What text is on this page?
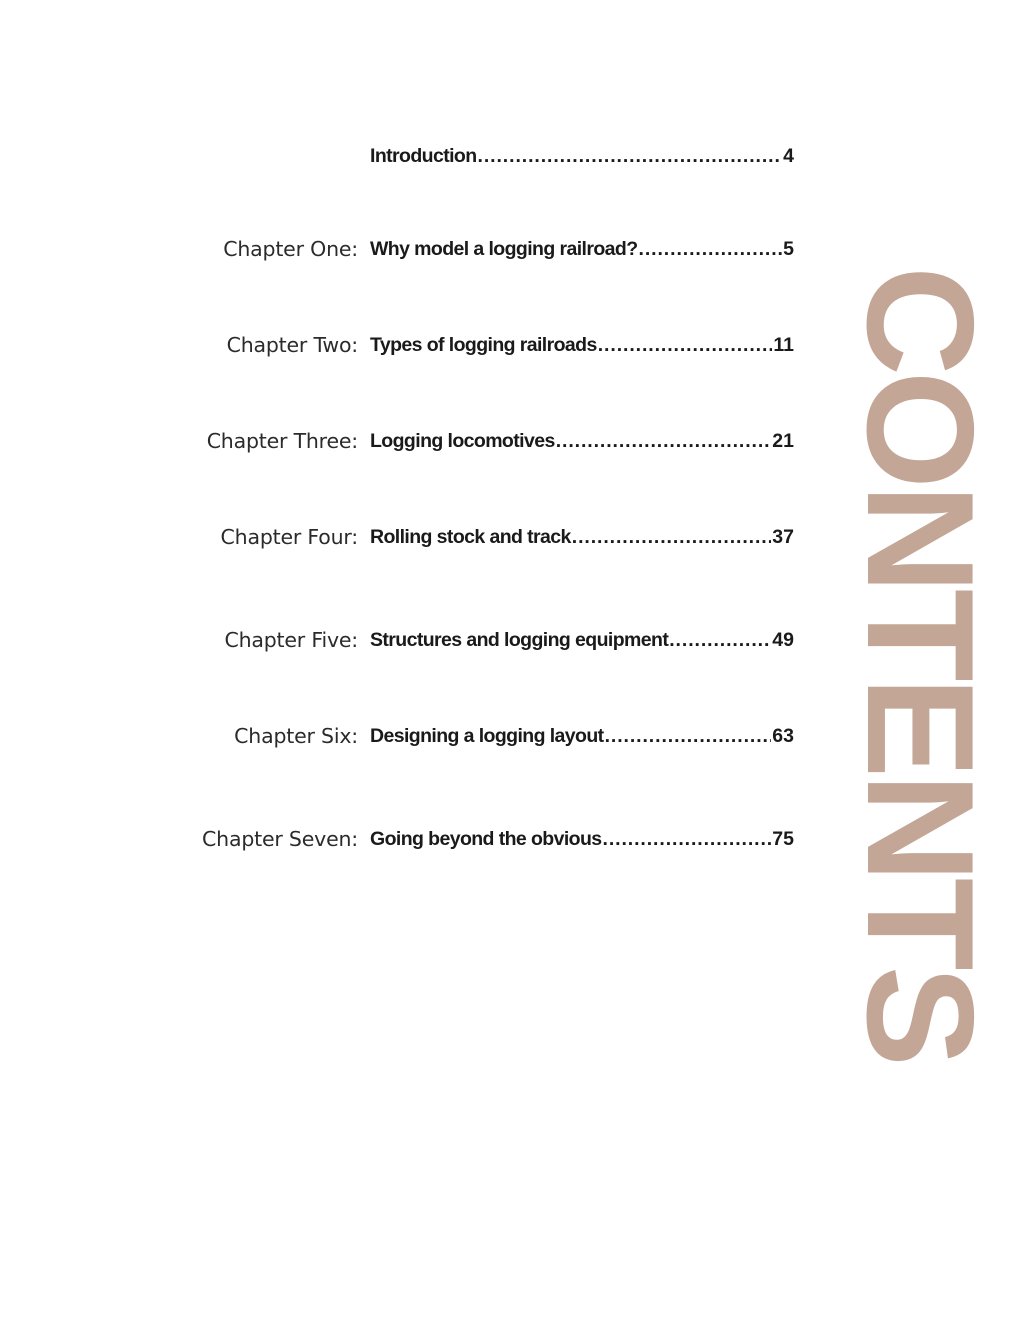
Introduction .....	4
Chapter One: Why model a logging railroad? .....	5
Chapter Two: Types of logging railroads .....	11
Chapter Three: Logging locomotives .....	21
Chapter Four: Rolling stock and track .....	37
Chapter Five: Structures and logging equipment .....	49
Chapter Six: Designing a logging layout .....	63
Chapter Seven: Going beyond the obvious .....	75 CONTENTS
